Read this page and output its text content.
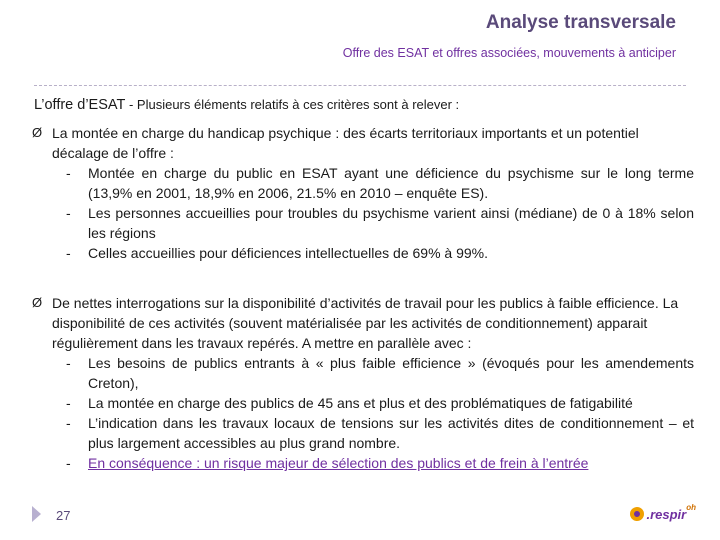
Analyse transversale
Offre des ESAT et offres associées, mouvements à anticiper
L’offre d’ESAT - Plusieurs éléments relatifs à ces critères sont à relever :
Ø La montée en charge du handicap psychique : des écarts territoriaux importants et un potentiel décalage de l’offre :
-	Montée en charge du public en ESAT ayant une déficience du psychisme sur le long terme (13,9% en 2001, 18,9% en 2006, 21.5% en 2010 – enquête ES).
-	Les personnes accueillies pour troubles du psychisme varient ainsi (médiane) de 0 à 18% selon les régions
-	Celles accueillies pour déficiences intellectuelles de 69% à 99%.
Ø De nettes interrogations sur la disponibilité d’activités de travail pour les publics à faible efficience. La disponibilité de ces activités (souvent matérialisée par les activités de conditionnement) apparait régulièrement dans les travaux repérés. A mettre en parallèle avec :
-	Les besoins de publics entrants à « plus faible efficience » (évoqués pour les amendements Creton),
-	La montée en charge des publics de 45 ans et plus et des problématiques de fatigabilité
-	L’indication dans les travaux locaux de tensions sur les activités dites de conditionnement – et plus largement accessibles au plus grand nombre.
-	En conséquence : un risque majeur de sélection des publics et de frein à l’entrée
27	.respir oh
